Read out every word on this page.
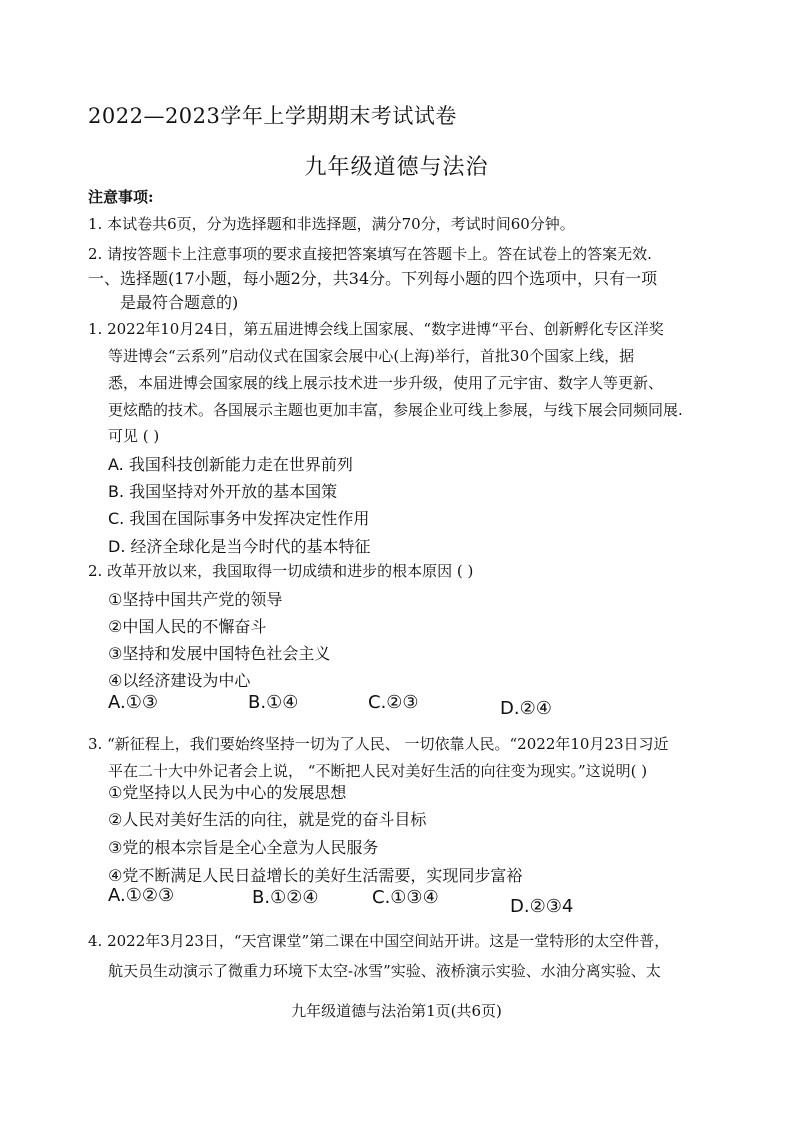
2022—2023学年上学期期末考试试卷
九年级道德与法治
注意事项:
1. 本试卷共6页，分为选择题和非选择题，满分70分，考试时间60分钟。
2. 请按答题卡上注意事项的要求直接把答案填写在答题卡上。答在试卷上的答案无效.
一、选择题(17小题，每小题2分，共34分。下列每小题的四个选项中，只有一项
是最符合题意的)
1. 2022年10月24日，第五届进博会线上国家展、“数字进博“平台、创新孵化专区洋奖
等进博会“云系列”启动仪式在国家会展中心(上海)举行，首批30个国家上线，据
悉，本届进博会国家展的线上展示技术进一步升级，使用了元宇宙、数字人等更新、
更炫酷的技术。各国展示主题也更加丰富，参展企业可线上参展，与线下展会同频同展.
可见 ( )
A. 我国科技创新能力走在世界前列
B. 我国坚持对外开放的基本国策
C. 我国在国际事务中发挥决定性作用
D. 经济全球化是当今时代的基本特征
2. 改革开放以来，我国取得一切成绩和进步的根本原因 ( )
①坚持中国共产党的领导
②中国人民的不懈奋斗
③坚持和发展中国特色社会主义
④以经济建设为中心
A.①③	B.①④	C.②③	D.②④
3. “新征程上，我们要始终坚持一切为了人民、 一切依靠人民。“2022年10月23日习近
平在二十大中外记者会上说， “不断把人民对美好生活的向往变为现实。”这说明( )
①党坚持以人民为中心的发展思想
②人民对美好生活的向往，就是党的奋斗目标
③党的根本宗旨是全心全意为人民服务
④党不断满足人民日益增长的美好生活需要，实现同步富裕
A.①②③	B.①②④	C.①③④	D.②③4
4. 2022年3月23日，“天宫课堂”第二课在中国空间站开讲。这是一堂特形的太空件普，
航天员生动演示了微重力环境下太空-冰雪”实验、液桥演示实验、水油分离实验、太
九年级道德与法治第1页(共6页)
